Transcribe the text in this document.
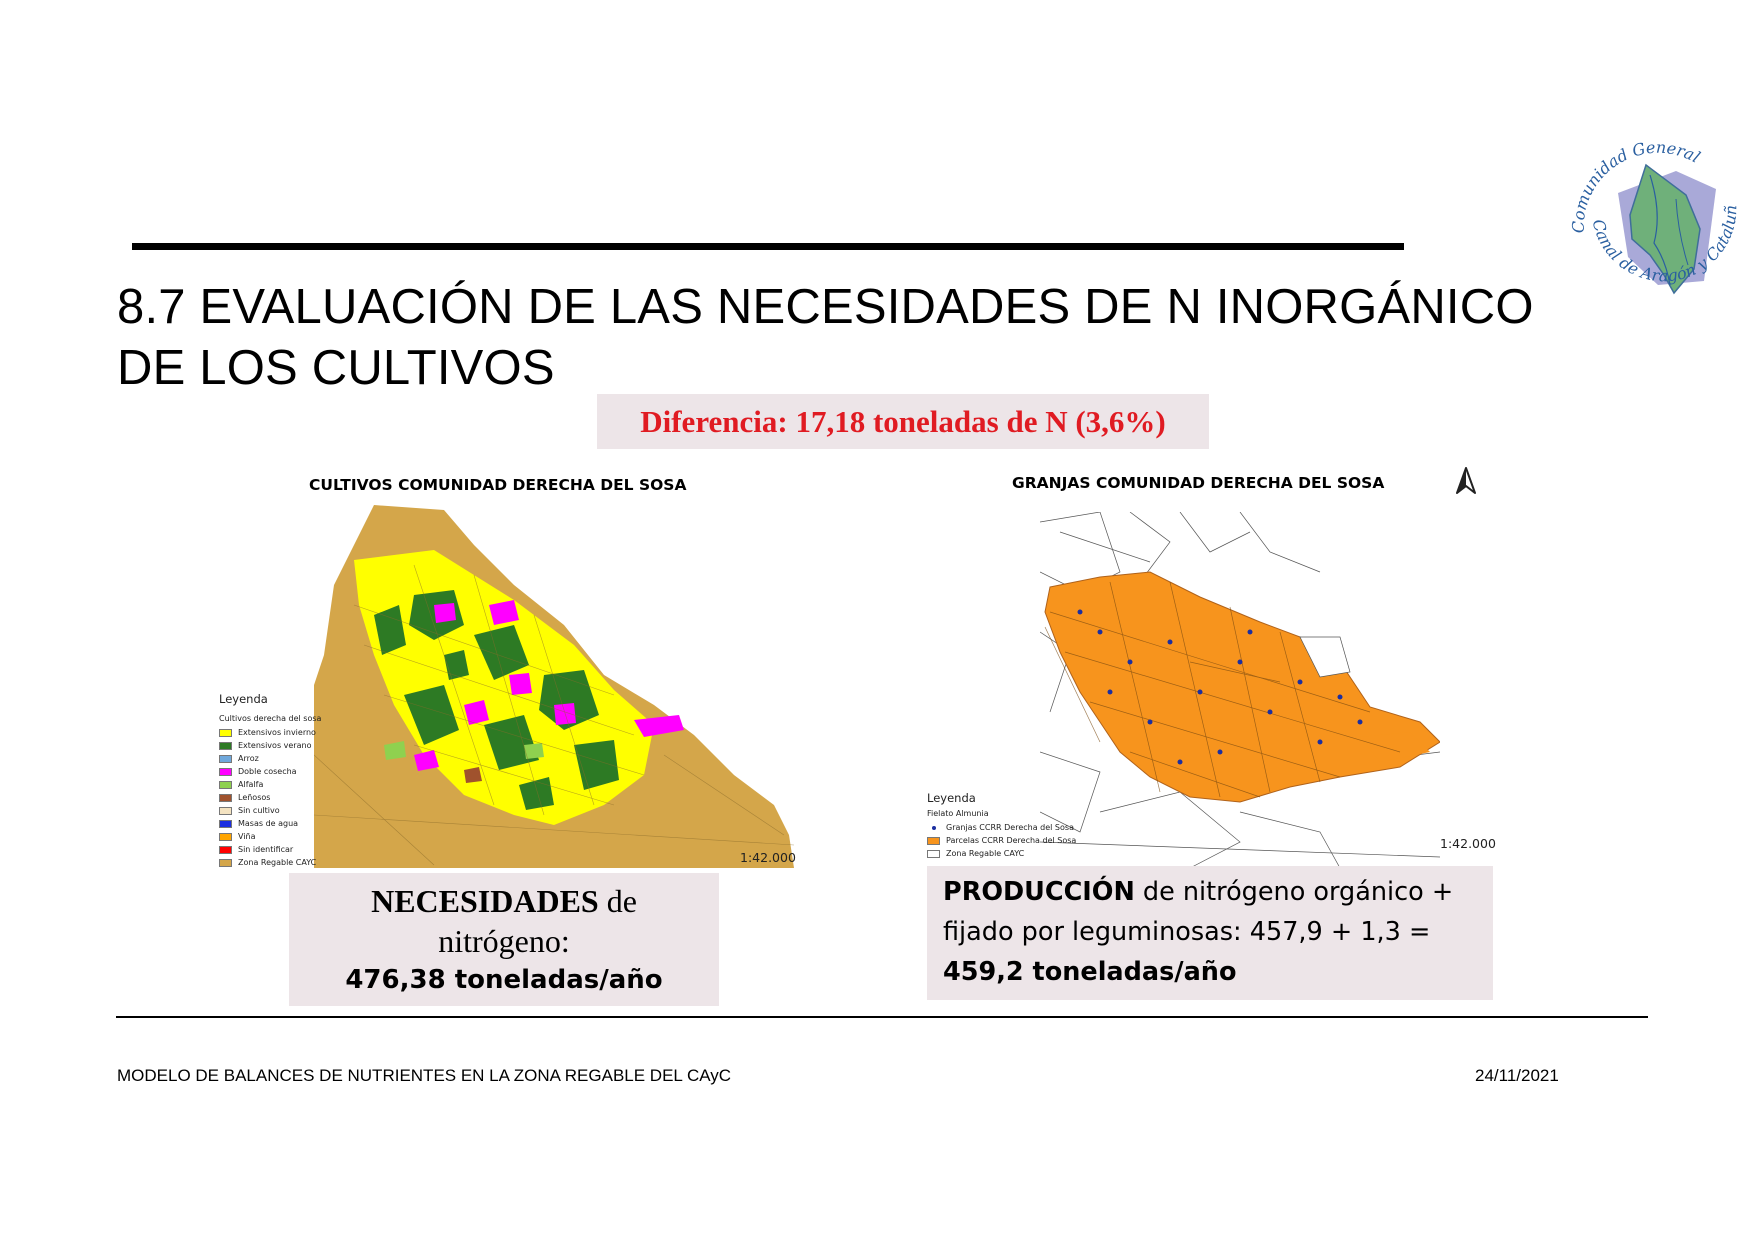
Comunidad General
Canal de Aragón y Cataluñ
8.7 EVALUACIÓN DE LAS NECESIDADES DE N INORGÁNICO
DE LOS CULTIVOS
Diferencia: 17,18 toneladas de N (3,6%)
CULTIVOS COMUNIDAD DERECHA DEL SOSA
Leyenda
Cultivos derecha del sosa
Extensivos invierno
Extensivos verano
Arroz
Doble cosecha
Alfalfa
Leñosos
Sin cultivo
Masas de agua
Viña
Sin identificar
Zona Regable CAYC	1:42.000
GRANJAS COMUNIDAD DERECHA DEL SOSA
Leyenda
Fielato Almunia
Granjas CCRR Derecha del Sosa
Parcelas CCRR Derecha del Sosa
Zona Regable CAYC
1:42.000
NECESIDADES de
nitrógeno:
476,38 toneladas/año
PRODUCCIÓN de nitrógeno orgánico +
fijado por leguminosas: 457,9 + 1,3 =
459,2 toneladas/año
MODELO DE BALANCES DE NUTRIENTES EN LA ZONA REGABLE DEL CAyC	24/11/2021
